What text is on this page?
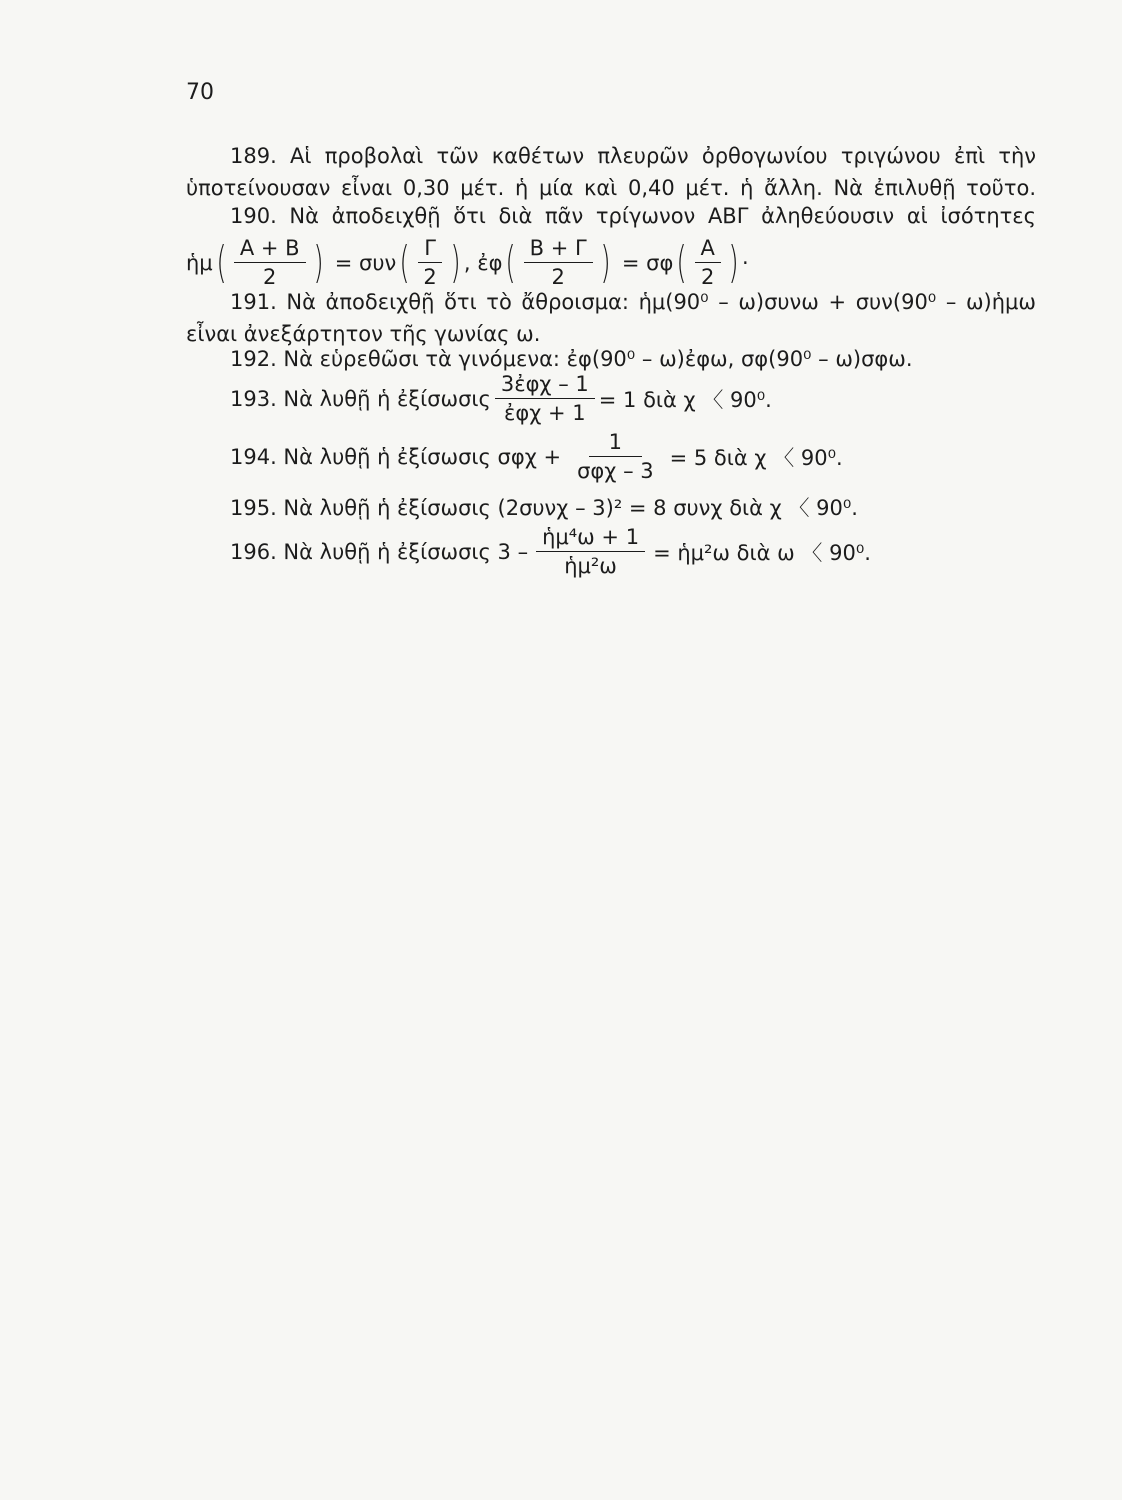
70
189. Αἱ προβολαὶ τῶν καθέτων πλευρῶν ὀρθογωνίου τριγώνου ἐπὶ τὴν
ὑποτείνουσαν εἶναι 0,30 μέτ. ἡ μία καὶ 0,40 μέτ. ἡ ἄλλη. Νὰ ἐπιλυθῇ τοῦτο.
190. Νὰ ἀποδειχθῇ ὅτι διὰ πᾶν τρίγωνον ΑΒΓ ἀληθεύουσιν αἱ ἰσότητες
ἡμ ( $\frac{A + B}{2}$ ) = συν ( $\frac{\Gamma}{2}$ ) , ἐφ ( $\frac{B + \Gamma}{2}$ ) = σφ ( $\frac{A}{2}$ ) ·
191. Νὰ ἀποδειχθῇ ὅτι τὸ ἄθροισμα: ἡμ(90⁰ – ω)συνω + συν(90⁰ – ω)ἡμω
εἶναι ἀνεξάρτητον τῆς γωνίας ω.
192. Νὰ εὑρεθῶσι τὰ γινόμενα: ἐφ(90⁰ – ω)ἐφω, σφ(90⁰ – ω)σφω.
193. Νὰ λυθῇ ἡ ἐξίσωσις $\frac{\text{3ἐφχ – 1}}{\text{ἐφχ + 1}} = 1$ διὰ χ 〈 90⁰.
194. Νὰ λυθῇ ἡ ἐξίσωσις $\sigma\varphi\chi + \frac{1}{\text{σφχ – 3}} = 5$ διὰ χ 〈 90⁰.
195. Νὰ λυθῇ ἡ ἐξίσωσις (2συνχ – 3)² = 8 συνχ διὰ χ 〈 90⁰.
196. Νὰ λυθῇ ἡ ἐξίσωσις $3 - \frac{\text{ἡμ⁴ω + 1}}{\text{ἡμ²ω}}$ = ἡμ²ω διὰ ω 〈 90⁰.
